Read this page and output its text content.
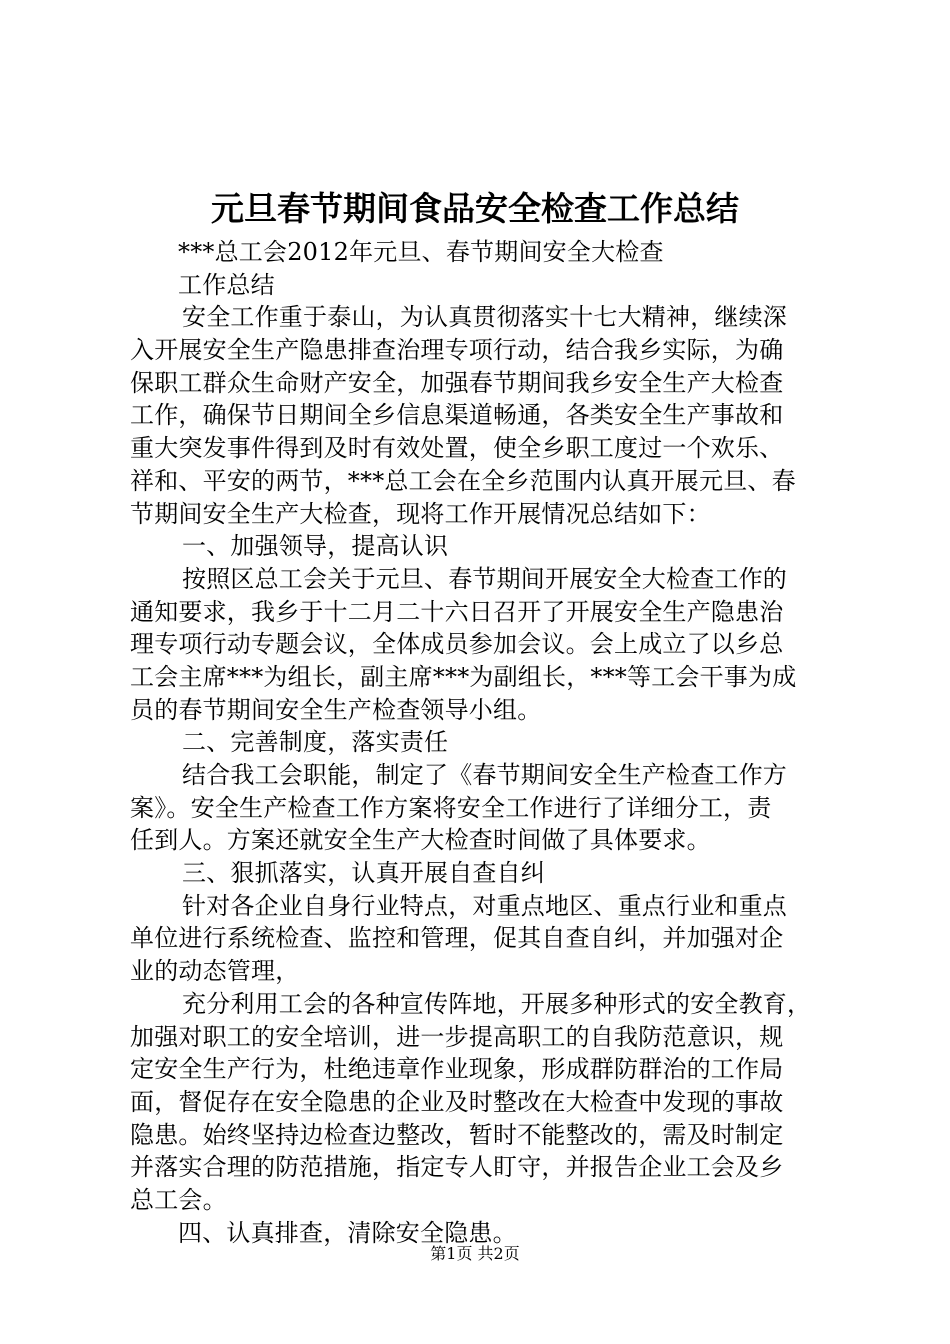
元旦春节期间食品安全检查工作总结
***总工会2012年元旦、春节期间安全大检查
工作总结
安全工作重于泰山，为认真贯彻落实十七大精神，继续深
入开展安全生产隐患排查治理专项行动，结合我乡实际，为确
保职工群众生命财产安全，加强春节期间我乡安全生产大检查
工作，确保节日期间全乡信息渠道畅通，各类安全生产事故和
重大突发事件得到及时有效处置，使全乡职工度过一个欢乐、
祥和、平安的两节，***总工会在全乡范围内认真开展元旦、春
节期间安全生产大检查，现将工作开展情况总结如下：
一、加强领导，提高认识
按照区总工会关于元旦、春节期间开展安全大检查工作的
通知要求，我乡于十二月二十六日召开了开展安全生产隐患治
理专项行动专题会议，全体成员参加会议。会上成立了以乡总
工会主席***为组长，副主席***为副组长，***等工会干事为成
员的春节期间安全生产检查领导小组。
二、完善制度，落实责任
结合我工会职能，制定了《春节期间安全生产检查工作方
案》。安全生产检查工作方案将安全工作进行了详细分工，责
任到人。方案还就安全生产大检查时间做了具体要求。
三、狠抓落实，认真开展自查自纠
针对各企业自身行业特点，对重点地区、重点行业和重点
单位进行系统检查、监控和管理，促其自查自纠，并加强对企
业的动态管理，
充分利用工会的各种宣传阵地，开展多种形式的安全教育，
加强对职工的安全培训，进一步提高职工的自我防范意识，规
定安全生产行为，杜绝违章作业现象，形成群防群治的工作局
面，督促存在安全隐患的企业及时整改在大检查中发现的事故
隐患。始终坚持边检查边整改，暂时不能整改的，需及时制定
并落实合理的防范措施，指定专人盯守，并报告企业工会及乡
总工会。
四、认真排查，清除安全隐患。
第1页 共2页
